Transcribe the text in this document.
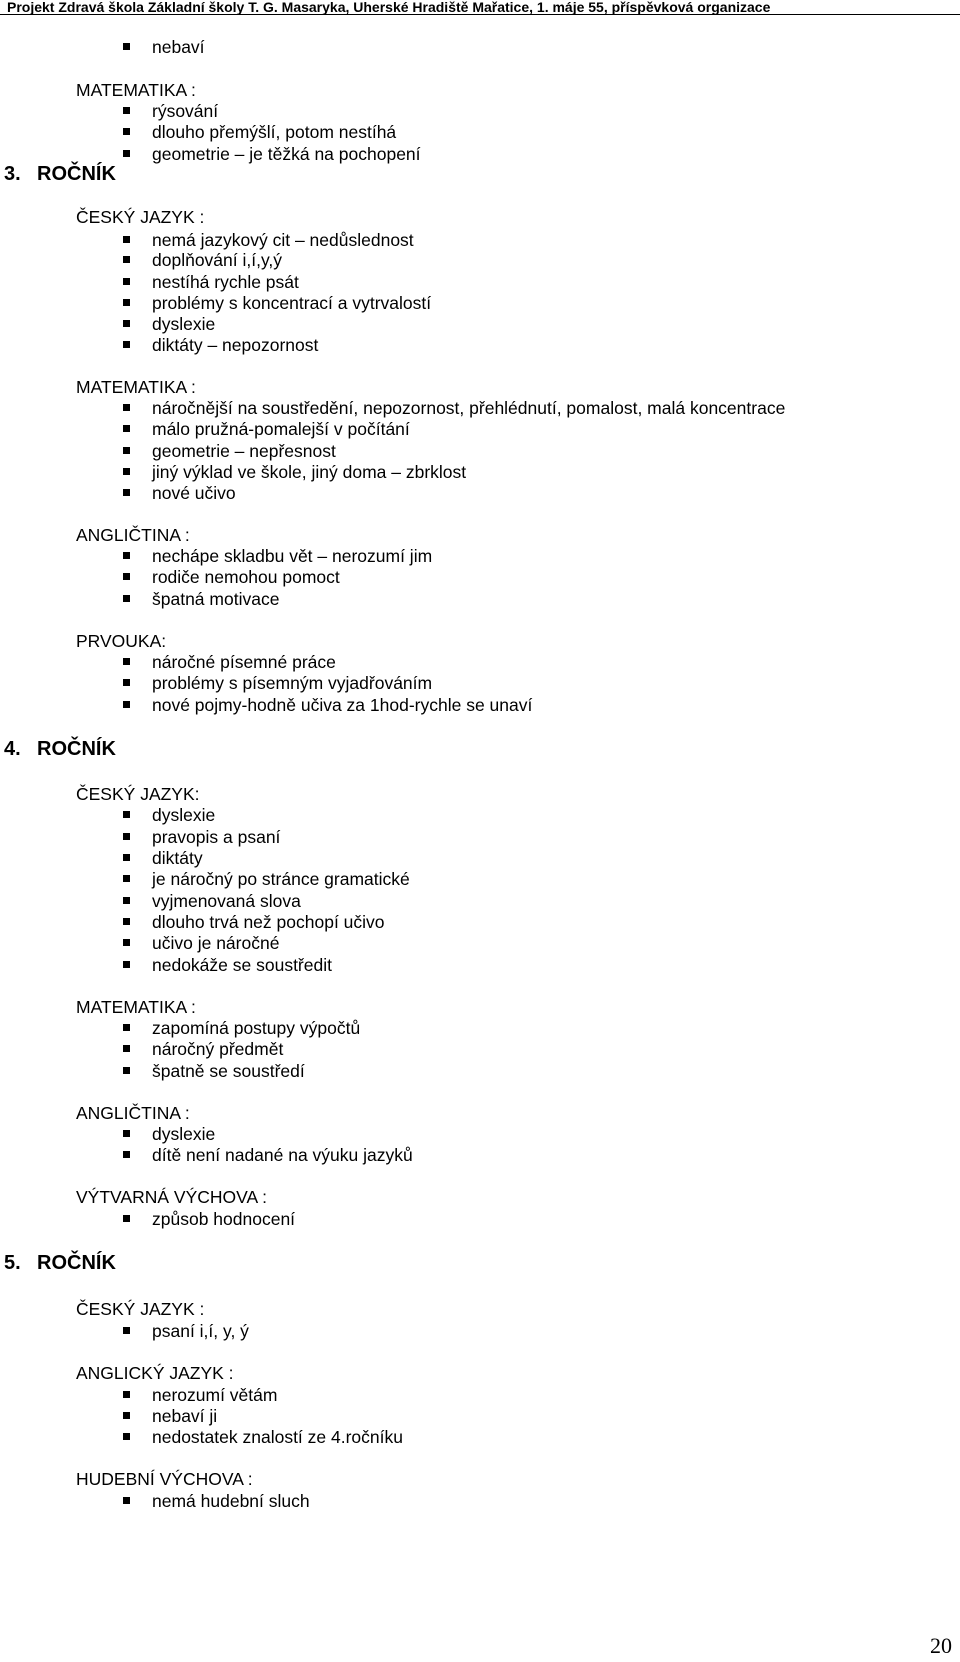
Projekt Zdravá škola Základní školy T. G. Masaryka, Uherské Hradiště Mařatice, 1. máje 55, příspěvková organizace
nebaví
MATEMATIKA :
rýsování
dlouho přemýšlí, potom nestíhá
geometrie – je těžká na pochopení
3. ROČNÍK
ČESKÝ JAZYK :
nemá jazykový cit – nedůslednost
doplňování i,í,y,ý
nestíhá rychle psát
problémy s koncentrací a vytrvalostí
dyslexie
diktáty – nepozornost
MATEMATIKA :
náročnější na soustředění, nepozornost, přehlédnutí, pomalost, malá koncentrace
málo pružná-pomalejší v počítání
geometrie – nepřesnost
jiný výklad ve škole, jiný doma – zbrklost
nové učivo
ANGLIČTINA :
nechápe skladbu vět – nerozumí jim
rodiče nemohou pomoct
špatná motivace
PRVOUKA:
náročné písemné práce
problémy s písemným vyjadřováním
nové pojmy-hodně učiva za 1hod-rychle se unaví
4. ROČNÍK
ČESKÝ JAZYK:
dyslexie
pravopis a psaní
diktáty
je náročný po stránce gramatické
vyjmenovaná slova
dlouho trvá než pochopí učivo
učivo je náročné
nedokáže se soustředit
MATEMATIKA :
zapomíná postupy výpočtů
náročný předmět
špatně se soustředí
ANGLIČTINA :
dyslexie
dítě není nadané na výuku jazyků
VÝTVARNÁ VÝCHOVA :
způsob hodnocení
5. ROČNÍK
ČESKÝ JAZYK :
psaní i,í, y, ý
ANGLICKÝ JAZYK :
nerozumí větám
nebaví ji
nedostatek znalostí ze 4.ročníku
HUDEBNÍ VÝCHOVA :
nemá hudební sluch
20
